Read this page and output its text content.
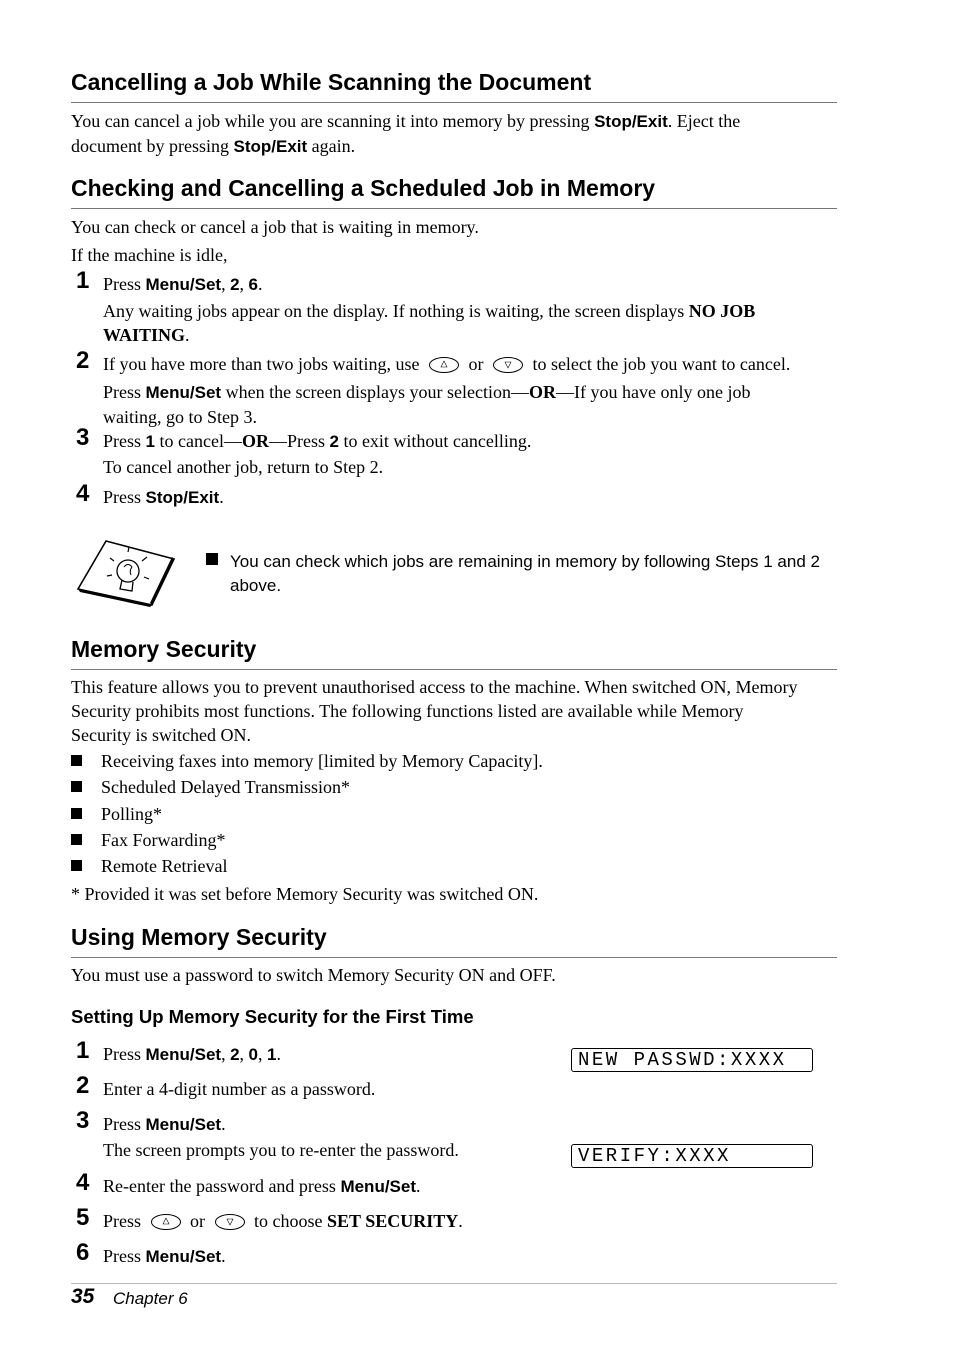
Cancelling a Job While Scanning the Document
You can cancel a job while you are scanning it into memory by pressing Stop/Exit. Eject the
document by pressing Stop/Exit again.
Checking and Cancelling a Scheduled Job in Memory
You can check or cancel a job that is waiting in memory.
If the machine is idle,
1 Press Menu/Set, 2, 6.
Any waiting jobs appear on the display. If nothing is waiting, the screen displays NO JOB
WAITING.
2 If you have more than two jobs waiting, use	or	to select the job you want to cancel.
Press Menu/Set when the screen displays your selection—OR—If you have only one job
waiting, go to Step 3.
3 Press 1 to cancel—OR—Press 2 to exit without cancelling.
To cancel another job, return to Step 2.
4 Press Stop/Exit.
You can check which jobs are remaining in memory by following Steps 1 and 2
above.
Memory Security
This feature allows you to prevent unauthorised access to the machine. When switched ON, Memory
Security prohibits most functions. The following functions listed are available while Memory
Security is switched ON.
Receiving faxes into memory [limited by Memory Capacity].
Scheduled Delayed Transmission*
Polling*
Fax Forwarding*
Remote Retrieval
* Provided it was set before Memory Security was switched ON.
Using Memory Security
You must use a password to switch Memory Security ON and OFF.
Setting Up Memory Security for the First Time
1 Press Menu/Set, 2, 0, 1.	NEW PASSWD:XXXX
2 Enter a 4-digit number as a password.
3 Press Menu/Set.
The screen prompts you to re-enter the password.	VERIFY:XXXX
4 Re-enter the password and press Menu/Set.
5 Press	or	to choose SET SECURITY.
6 Press Menu/Set.
35 Chapter 6
